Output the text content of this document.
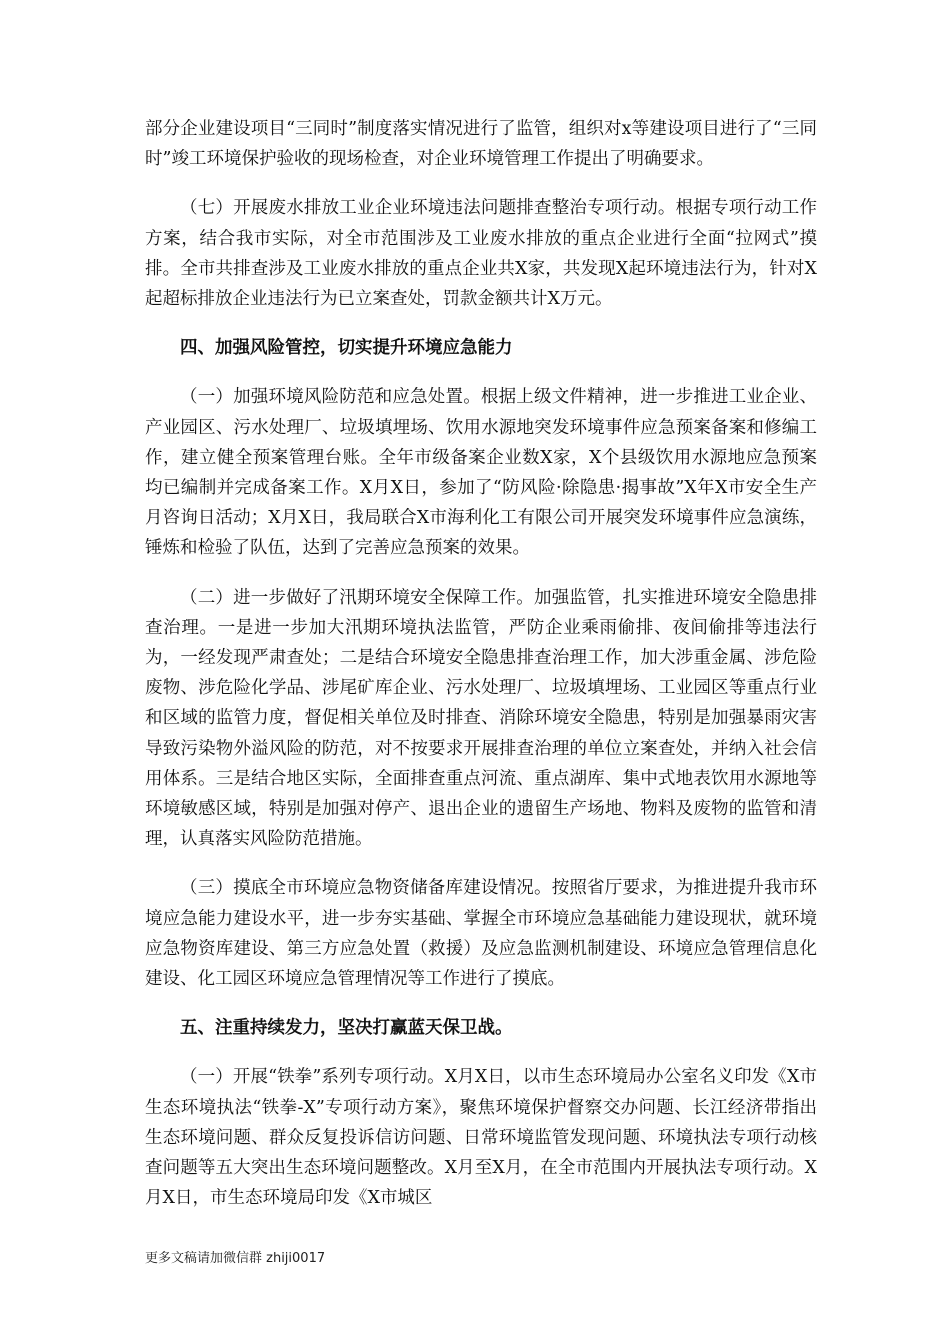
部分企业建设项目“三同时”制度落实情况进行了监管，组织对x等建设项目进行了“三同时”竣工环境保护验收的现场检查，对企业环境管理工作提出了明确要求。

（七）开展废水排放工业企业环境违法问题排查整治专项行动。根据专项行动工作方案，结合我市实际，对全市范围涉及工业废水排放的重点企业进行全面“拉网式”摸排。全市共排查涉及工业废水排放的重点企业共X家，共发现X起环境违法行为，针对X起超标排放企业违法行为已立案查处，罚款金额共计X万元。

四、加强风险管控，切实提升环境应急能力

（一）加强环境风险防范和应急处置。根据上级文件精神，进一步推进工业企业、产业园区、污水处理厂、垃圾填埋场、饮用水源地突发环境事件应急预案备案和修编工作，建立健全预案管理台账。全年市级备案企业数X家，X个县级饮用水源地应急预案均已编制并完成备案工作。X月X日，参加了“防风险·除隐患·揭事故”X年X市安全生产月咨询日活动；X月X日，我局联合X市海利化工有限公司开展突发环境事件应急演练，锤炼和检验了队伍，达到了完善应急预案的效果。

（二）进一步做好了汛期环境安全保障工作。加强监管，扎实推进环境安全隐患排查治理。一是进一步加大汛期环境执法监管，严防企业乘雨偷排、夜间偷排等违法行为，一经发现严肃查处；二是结合环境安全隐患排查治理工作，加大涉重金属、涉危险废物、涉危险化学品、涉尾矿库企业、污水处理厂、垃圾填埋场、工业园区等重点行业和区域的监管力度，督促相关单位及时排查、消除环境安全隐患，特别是加强暴雨灾害导致污染物外溢风险的防范，对不按要求开展排查治理的单位立案查处，并纳入社会信用体系。三是结合地区实际，全面排查重点河流、重点湖库、集中式地表饮用水源地等环境敏感区域，特别是加强对停产、退出企业的遗留生产场地、物料及废物的监管和清理，认真落实风险防范措施。

（三）摸底全市环境应急物资储备库建设情况。按照省厅要求，为推进提升我市环境应急能力建设水平，进一步夯实基础、掌握全市环境应急基础能力建设现状，就环境应急物资库建设、第三方应急处置（救援）及应急监测机制建设、环境应急管理信息化建设、化工园区环境应急管理情况等工作进行了摸底。

五、注重持续发力，坚决打赢蓝天保卫战。

（一）开展“铁拳”系列专项行动。X月X日，以市生态环境局办公室名义印发《X市生态环境执法“铁拳-X”专项行动方案》，聚焦环境保护督察交办问题、长江经济带指出生态环境问题、群众反复投诉信访问题、日常环境监管发现问题、环境执法专项行动核查问题等五大突出生态环境问题整改。X月至X月，在全市范围内开展执法专项行动。X月X日，市生态环境局印发《X市城区

更多文稿请加微信群 zhiji0017
